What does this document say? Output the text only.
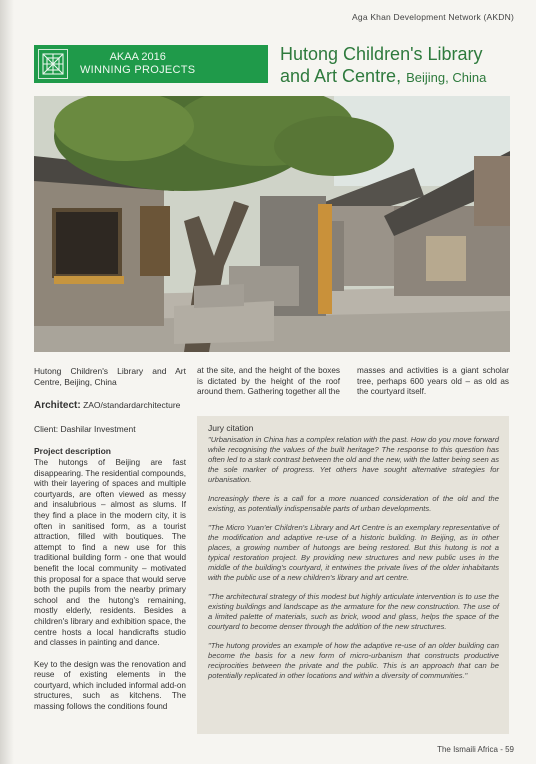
Aga Khan Development Network (AKDN)
AKAA 2016
WINNING PROJECTS
Hutong Children's Library
and Art Centre, Beijing, China
Hutong Children's Library and Art Centre, Beijing, China
Architect: ZAO/standardarchitecture
Client: Dashilar Investment
Project description

The hutongs of Beijing are fast disappearing. The residential compounds, with their layering of spaces and multiple courtyards, are often viewed as messy and insalubrious – almost as slums. If they find a place in the modern city, it is often in sanitised form, as a tourist attraction, filled with boutiques. The attempt to find a new use for this traditional building form - one that would benefit the local community – motivated this proposal for a space that would serve both the pupils from the nearby primary school and the hutong's remaining, mostly elderly, residents. Besides a children's library and exhibition space, the centre hosts a local handicrafts studio and classes in painting and dance.

Key to the design was the renovation and reuse of existing elements in the courtyard, which included informal add-on structures, such as kitchens. The massing follows the conditions found

at the site, and the height of the boxes is dictated by the height of the roof around them. Gathering together all the
masses and activities is a giant scholar tree, perhaps 600 years old – as old as the courtyard itself.
Jury citation

"Urbanisation in China has a complex relation with the past. How do you move forward while recognising the values of the built heritage? The response to this question has often led to a stark contrast between the old and the new, with the latter being seen as the sole marker of progress. Yet others have sought alternative strategies for urbanisation.

Increasingly there is a call for a more nuanced consideration of the old and the existing, as potentially indispensable parts of urban developments.

"The Micro Yuan'er Children's Library and Art Centre is an exemplary representative of the modification and adaptive re-use of a historic building. In Beijing, as in other places, a growing number of hutongs are being restored. But this hutong is not a typical restoration project. By providing new structures and new public uses in the middle of the building's courtyard, it entwines the private lives of the older inhabitants with the public use of a new children's library and art centre.

"The architectural strategy of this modest but highly articulate intervention is to use the existing buildings and landscape as the armature for the new construction. The use of a limited palette of materials, such as brick, wood and glass, helps the space of the courtyard to become denser through the addition of the new structures.

"The hutong provides an example of how the adaptive re-use of an older building can become the basis for a new form of micro-urbanism that constructs productive reciprocities between the private and the public. This is an approach that can be potentially replicated in other locations and within a diversity of communities."

The Ismaili Africa - 59
